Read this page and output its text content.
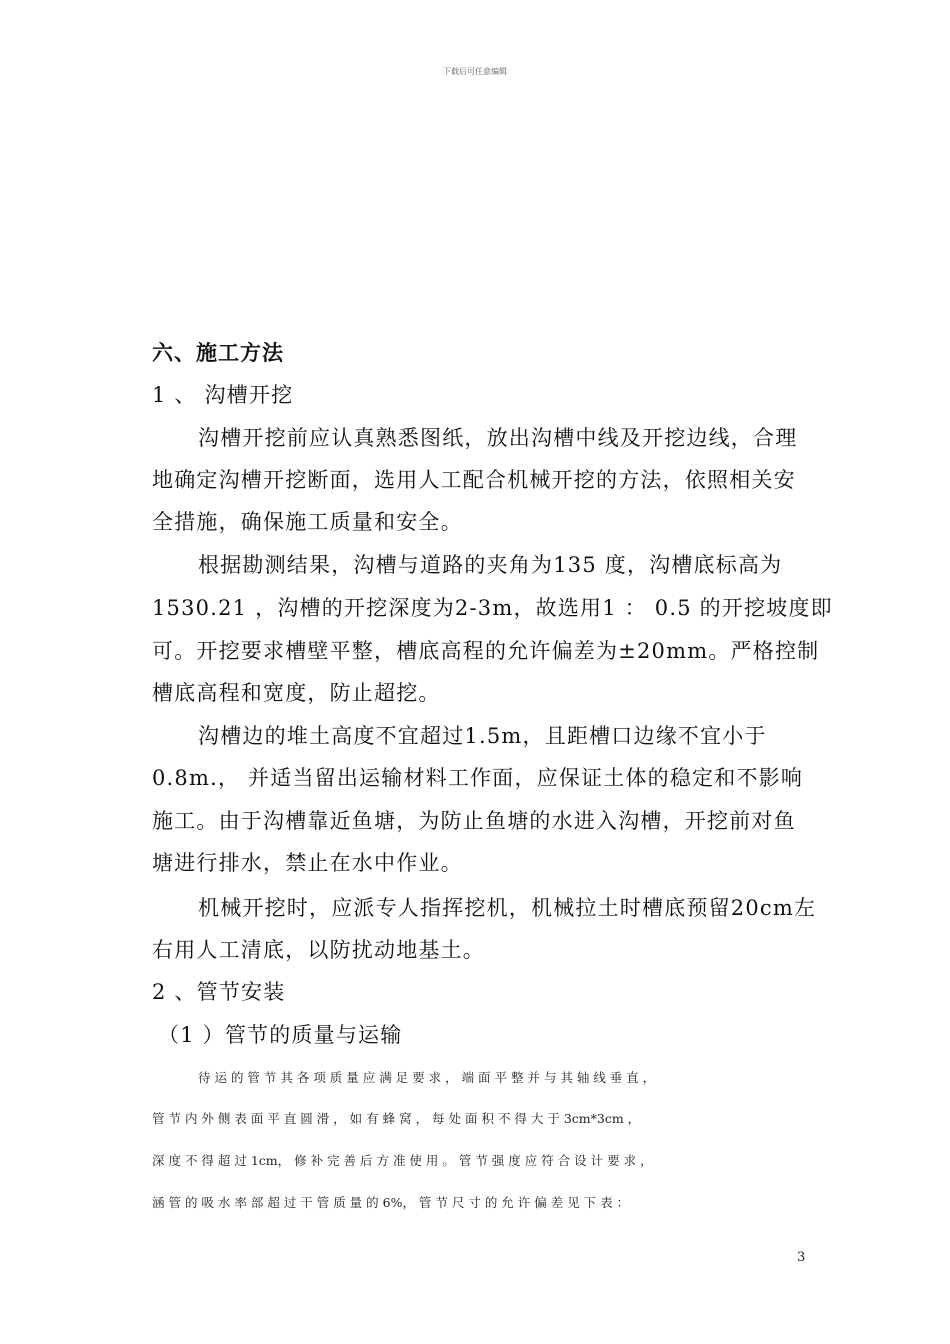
下载后可任意编辑
六、施工方法
1 、 沟槽开挖
沟槽开挖前应认真熟悉图纸，放出沟槽中线及开挖边线，合理
地确定沟槽开挖断面，选用人工配合机械开挖的方法，依照相关安
全措施，确保施工质量和安全。
根据勘测结果，沟槽与道路的夹角为135 度，沟槽底标高为
1530.21 ，沟槽的开挖深度为2-3m，故选用1 ： 0.5 的开挖坡度即
可。开挖要求槽壁平整，槽底高程的允许偏差为±20mm。严格控制
槽底高程和宽度，防止超挖。
沟槽边的堆土高度不宜超过1.5m，且距槽口边缘不宜小于
0.8m.， 并适当留出运输材料工作面，应保证土体的稳定和不影响
施工。由于沟槽靠近鱼塘，为防止鱼塘的水进入沟槽，开挖前对鱼
塘进行排水，禁止在水中作业。
机械开挖时，应派专人指挥挖机，机械拉土时槽底预留20cm左
右用人工清底，以防扰动地基土。
2 、管节安装
（1 ）管节的质量与运输
待 运 的 管 节 其 各 项 质 量 应 满 足 要 求 ， 端 面 平 整 并 与 其 轴 线 垂 直 ，
管 节 内 外 侧 表 面 平 直 圆 滑 ， 如 有 蜂 窝 ， 每 处 面 积 不 得 大 于 3cm*3cm ，
深 度 不 得 超 过 1cm， 修 补 完 善 后 方 准 使 用 。 管 节 强 度 应 符 合 设 计 要 求 ，
涵 管 的 吸 水 率 部 超 过 干 管 质 量 的 6%， 管 节 尺 寸 的 允 许 偏 差 见 下 表 ：
3
